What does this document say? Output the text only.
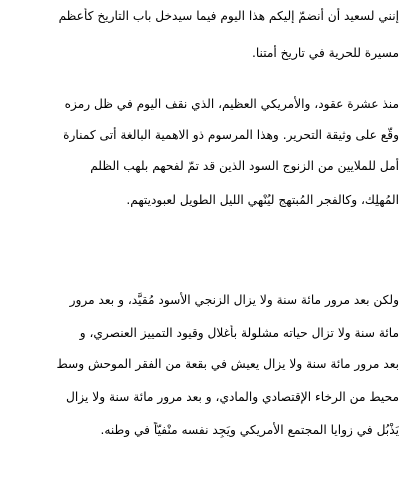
إنني لسعيد أن أنضمّ إليكم هذا اليوم فيما سيدخل باب التاريخ كأعظم
مسيرة للحرية في تاريخ أمتنا.
منذ عشرة عقود، والأمريكي العظيم، الذي نقف اليوم في ظل رمزه
وقّع على وثيقة التحرير. وهذا المرسوم ذو الاهمية البالغة أتى كمنارة
أمل للملايين من الزنوج السود الذين قد تمّ لفحهم بلهب الظلم
المُهلِك، وكالفجر المُبتهج ليُنْهي الليل الطويل لعبوديتهم.
ولكن بعد مرور مائة سنة ولا يزال الزنجي الأسود مُقيَّد، و بعد مرور
مائة سنة ولا تزال حياته مشلولة بأغلال وقيود التمييز العنصري، و
بعد مرور مائة سنة ولا يزال يعيش في بقعة من الفقر الموحش وسط
محيط من الرخاء الإقتصادي والمادي، و بعد مرور مائة سنة ولا يزال
يَذْبُل في زوايا المجتمع الأمريكي ويَجِد نفسه منْفيّاً في وطنه.
